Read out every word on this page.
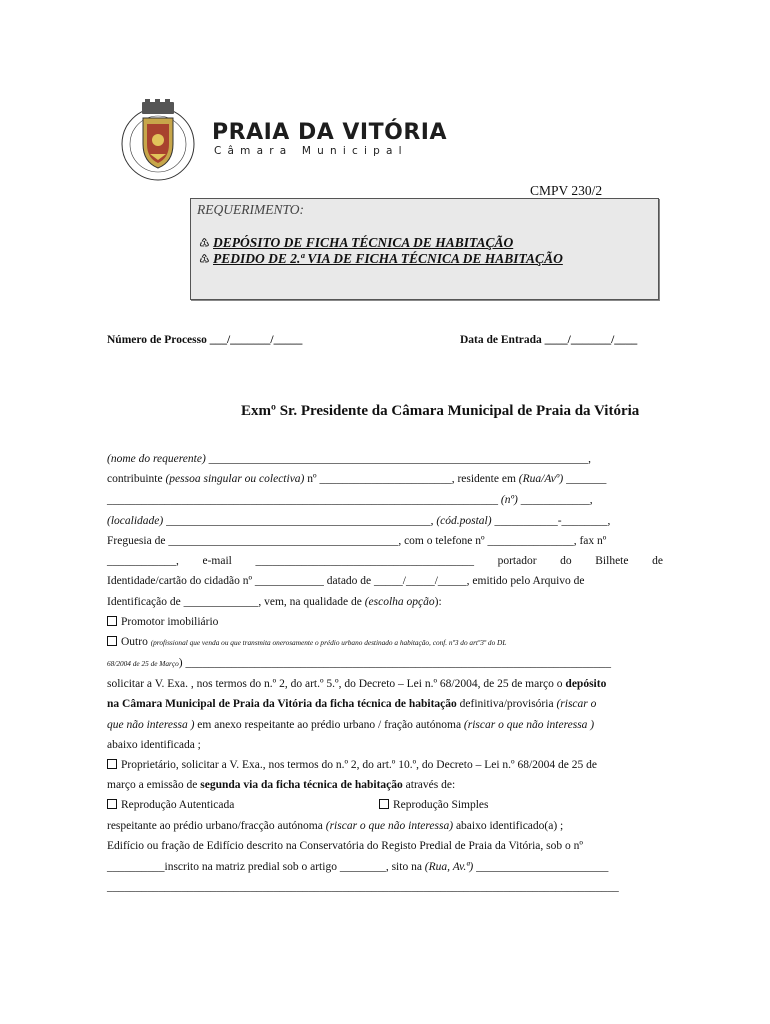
PRAIA DA VITÓRIA
Câmara Municipal
CMPV 230/2
REQUERIMENTO:
♳ DEPÓSITO DE FICHA TÉCNICA DE HABITAÇÃO
♳ PEDIDO DE 2.ª VIA DE FICHA TÉCNICA DE HABITAÇÃO
Número de Processo ___/_______/_____	Data de Entrada ____/_______/____
Exmº Sr. Presidente da Câmara Municipal de Praia da Vitória
(nome do requerente) __________________________________________________________________,
contribuinte (pessoa singular ou colectiva) nº _______________________, residente em (Rua/Avº) _______
____________________________________________________________________ (nº) ____________,
(localidade) ______________________________________________, (cód.postal) ___________-________,
Freguesia de ________________________________________, com o telefone nº _______________, fax nº
____________, e-mail ______________________________________ portador do Bilhete de
Identidade/cartão do cidadão nº ____________ datado de _____/_____/_____, emitido pelo Arquivo de
Identificação de _____________, vem, na qualidade de (escolha opção):
Promotor imobiliário
Outro (profissional que venda ou que transmita onerosamente o prédio urbano destinado a habitação, conf. nº3 do artº3º do DL
68/2004 de 25 de Março) __________________________________________________________________________
solicitar a V. Exa. , nos termos do n.º 2, do art.º 5.º, do Decreto – Lei n.º 68/2004, de 25 de março o depósito
na Câmara Municipal de Praia da Vitória da ficha técnica de habitação definitiva/provisória (riscar o
que não interessa ) em anexo respeitante ao prédio urbano / fração autónoma (riscar o que não interessa )
abaixo identificada ;
Proprietário, solicitar a V. Exa., nos termos do n.º 2, do art.º 10.º, do Decreto – Lei n.º 68/2004 de 25 de
março a emissão de segunda via da ficha técnica de habitação através de:
Reprodução Autenticada	Reprodução Simples
respeitante ao prédio urbano/fracção autónoma (riscar o que não interessa) abaixo identificado(a) ;
Edifício ou fração de Edifício descrito na Conservatória do Registo Predial de Praia da Vitória, sob o nº
__________inscrito na matriz predial sob o artigo ________, sito na (Rua, Av.ª) _______________________
_________________________________________________________________________________________
